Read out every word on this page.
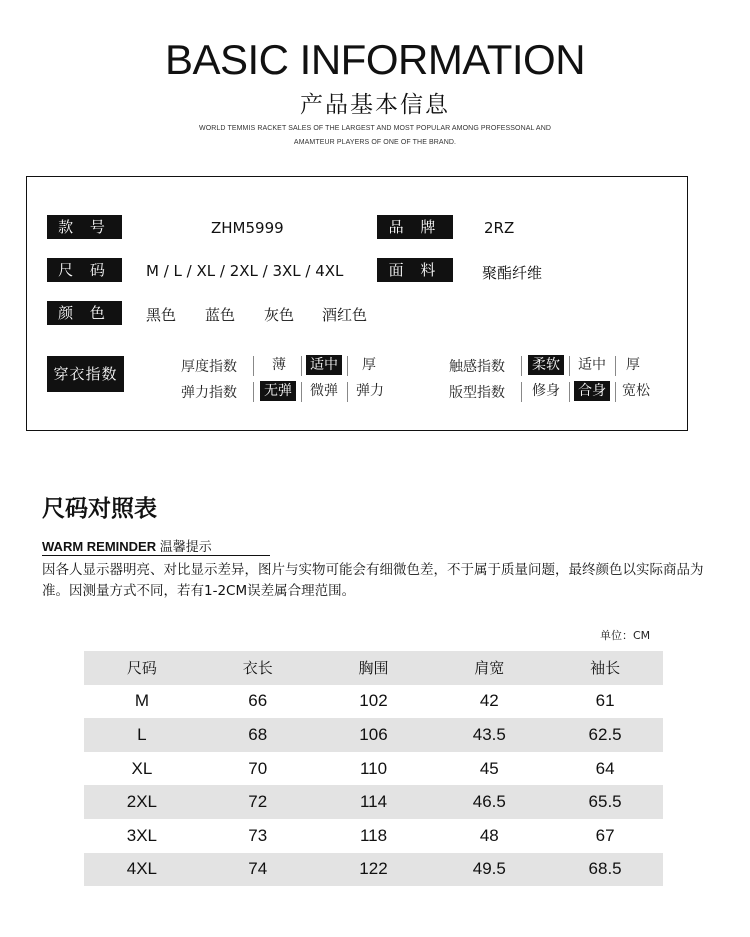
BASIC INFORMATION
产品基本信息
WORLD TEMMIS RACKET SALES OF THE LARGEST AND MOST POPULAR AMONG PROFESSONAL AND
AMAMTEUR PLAYERS OF ONE OF THE BRAND.
款 号	ZHM5999	品 牌	2RZ
尺 码	M / L / XL / 2XL / 3XL / 4XL	面 料	聚酯纤维
颜 色	黑色 蓝色 灰色 酒红色
穿衣指数	厚度指数	薄	适中	厚
弹力指数 无弹 微弹 弹力
触感指数 柔软 适中	厚
版型指数 修身 合身 宽松
尺码对照表
WARM REMINDER 温馨提示
因各人显示器明亮、对比显示差异，图片与实物可能会有细微色差，不于属于质量问题，最终颜色以实际商品为准。因测量方式不同，若有1-2CM误差属合理范围。
单位：CM
尺码	衣长	胸围	肩宽	袖长
M	66	102	42	61
L	68	106	43.5	62.5
XL	70	110	45	64
2XL	72	114	46.5	65.5
3XL	73	118	48	67
4XL	74	122	49.5	68.5
